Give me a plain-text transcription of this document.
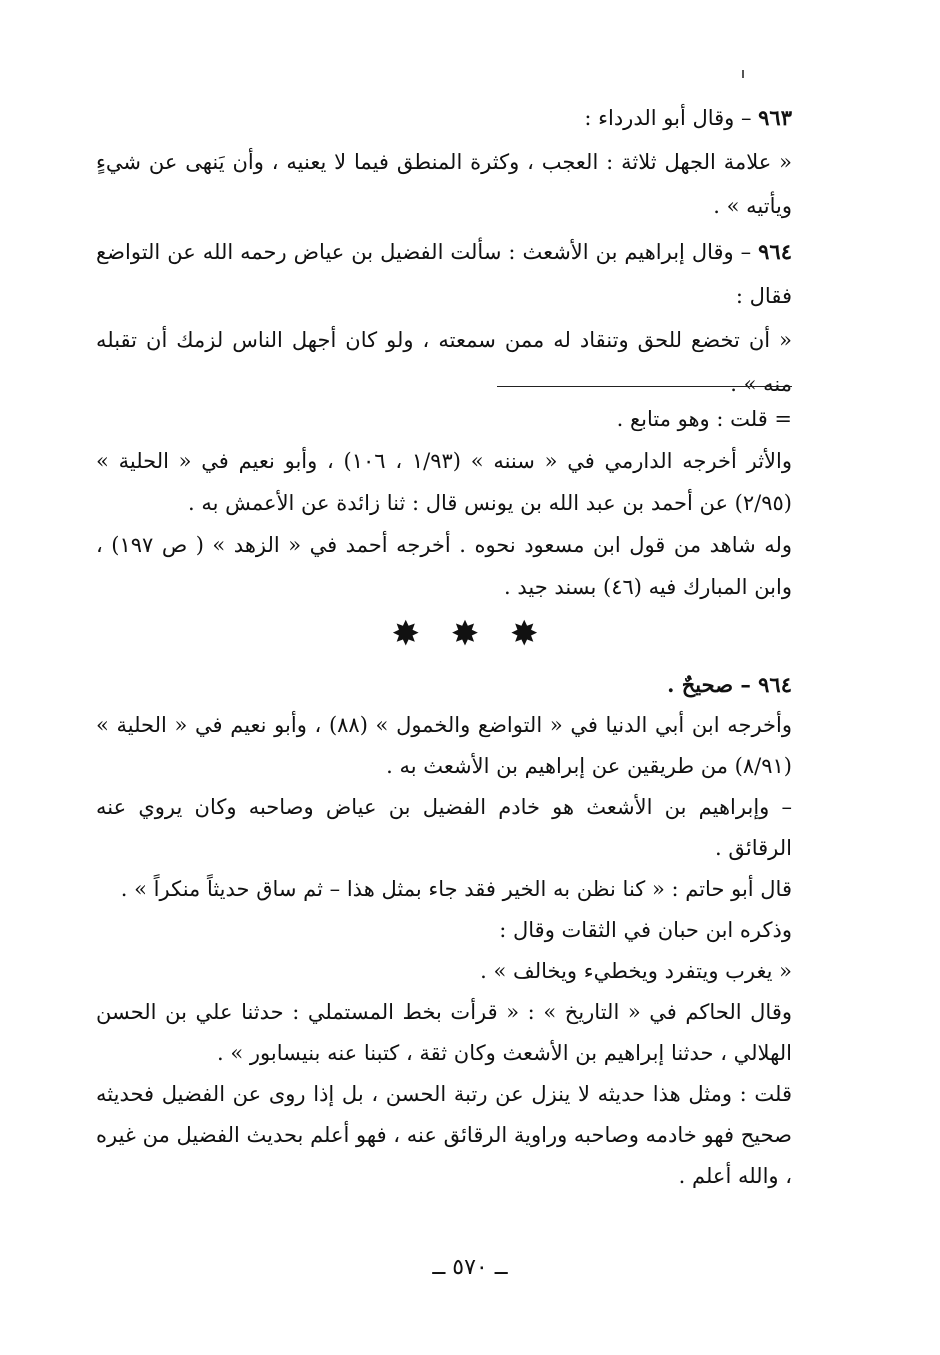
٩٦٣ – وقال أبو الدرداء :

« علامة الجهل ثلاثة : العجب ، وكثرة المنطق فيما لا يعنيه ، وأن يَنهى عن شيءٍ ويأتيه » .

٩٦٤ – وقال إبراهيم بن الأشعث : سألت الفضيل بن عياض رحمه الله عن التواضع فقال :

« أن تخضع للحق وتنقاد له ممن سمعته ، ولو كان أجهل الناس لزمك أن تقبله منه » .

= قلت : وهو متابع .

والأثر أخرجه الدارمي في « سننه » (١/٩٣ ، ١٠٦) ، وأبو نعيم في « الحلية » (٢/٩٥) عن أحمد بن عبد الله بن يونس قال : ثنا زائدة عن الأعمش به .

وله شاهد من قول ابن مسعود نحوه . أخرجه أحمد في « الزهد » ( ص ١٩٧) ، وابن المبارك فيه (٤٦) بسند جيد .

✸ ✸ ✸

٩٦٤ – صحيحٌ .

وأخرجه ابن أبي الدنيا في « التواضع والخمول » (٨٨) ، وأبو نعيم في « الحلية » (٨/٩١) من طريقين عن إبراهيم بن الأشعث به .

– وإبراهيم بن الأشعث هو خادم الفضيل بن عياض وصاحبه وكان يروي عنه الرقائق .

قال أبو حاتم : « كنا نظن به الخير فقد جاء بمثل هذا – ثم ساق حديثاً منكراً » .

وذكره ابن حبان في الثقات وقال :

« يغرب ويتفرد ويخطيء ويخالف » .

وقال الحاكم في « التاريخ » : « قرأت بخط المستملي : حدثنا علي بن الحسن الهلالي ، حدثنا إبراهيم بن الأشعث وكان ثقة ، كتبنا عنه بنيسابور » .

قلت : ومثل هذا حديثه لا ينزل عن رتبة الحسن ، بل إذا روى عن الفضيل فحديثه صحيح فهو خادمه وصاحبه وراوية الرقائق عنه ، فهو أعلم بحديث الفضيل من غيره ، والله أعلم .

ــ ٥٧٠ ــ
